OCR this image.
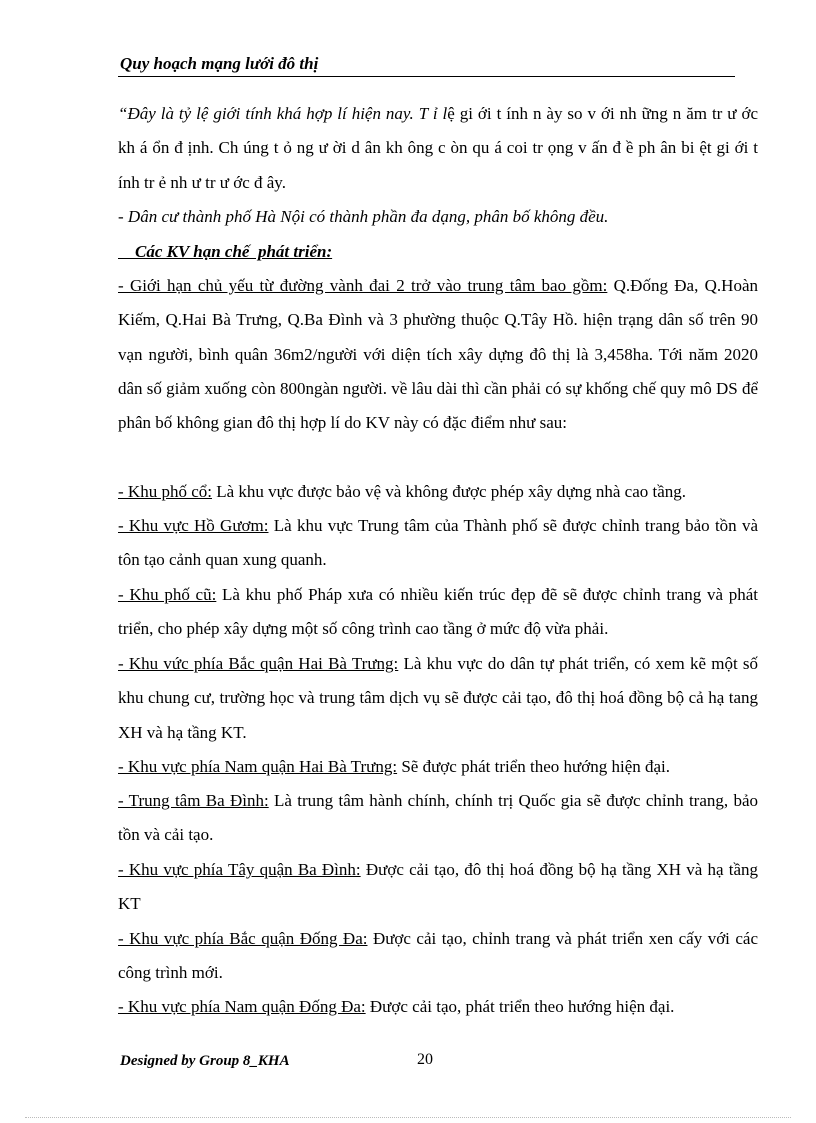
Quy hoạch mạng lưới đô thị

“Đây là tỷ lệ giới tính khá hợp lí hiện nay. T ỉ lệ gi ới t ính n ày so v ới nh ững n ăm tr ư ớc kh á ổn đ ịnh. Ch úng t ỏ ng ư ời d ân kh ông c òn qu á coi tr ọng v ấn đ ề ph ân bi ệt gi ới t ính tr ẻ nh ư tr ư ớc đ ây.

- Dân cư thành phố Hà Nội có thành phần đa dạng, phân bố không đều.

Các KV hạn chế  phát triển:

- Giới hạn chủ yếu từ đường vành đai 2 trở vào trung tâm bao gồm: Q.Đống Đa, Q.Hoàn Kiếm, Q.Hai Bà Trưng, Q.Ba Đình và 3 phường thuộc Q.Tây Hồ. hiện trạng dân số trên 90 vạn người, bình quân 36m2/người với diện tích xây dựng đô thị là 3,458ha. Tới năm 2020 dân số giảm xuống còn 800ngàn người. về lâu dài thì cần phải có sự khống chế quy mô DS để phân bố không gian đô thị hợp lí do KV này có đặc điểm như sau:

- Khu phố cổ: Là khu vực được bảo vệ và không được phép xây dựng nhà cao tầng.

- Khu vực Hồ Gươm: Là khu vực Trung tâm của Thành phố sẽ được chỉnh trang bảo tồn và tôn tạo cảnh quan xung quanh.

- Khu phố cũ: Là khu phố Pháp xưa có nhiều kiến trúc đẹp đẽ sẽ được chỉnh trang và phát triển, cho phép xây dựng một số công trình cao tầng ở mức độ vừa phải.

- Khu vức phía Bắc quận Hai Bà Trưng: Là khu vực do dân tự phát triển, có xem kẽ một số khu chung cư, trường học và trung tâm dịch vụ sẽ được cải tạo, đô thị hoá đồng bộ cả hạ tang XH và hạ tầng KT.

- Khu vực phía Nam quận Hai Bà Trưng: Sẽ được phát triển theo hướng hiện đại.

- Trung tâm Ba Đình: Là trung tâm hành chính, chính trị Quốc gia sẽ được chỉnh trang, bảo tồn và cải tạo.

- Khu vực phía Tây quận Ba Đình: Được cải tạo, đô thị hoá đồng bộ hạ tầng XH và hạ tầng KT

- Khu vực phía Bắc quận Đống Đa: Được cải tạo, chỉnh trang và phát triển xen cấy với các công trình mới.

- Khu vực phía Nam quận Đống Đa: Được cải tạo, phát triển theo hướng hiện đại.

Designed by Group 8_KHA	20
